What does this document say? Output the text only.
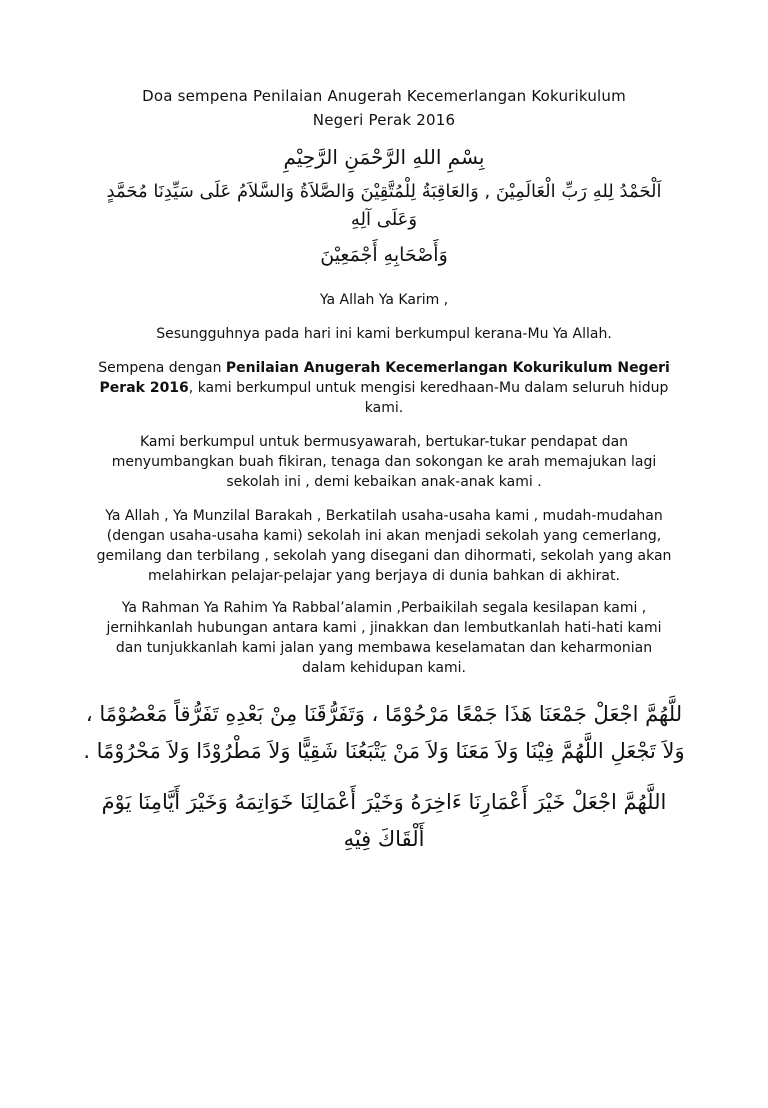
Doa sempena Penilaian Anugerah Kecemerlangan Kokurikulum
Negeri Perak 2016
بِسْمِ اللهِ الرَّحْمَنِ الرَّحِيْمِ
اَلْحَمْدُ لِلهِ رَبِّ الْعَالَمِيْنَ , وَالعَاقِبَةُ لِلْمُتَّقِيْنَ وَالصَّلاَةُ وَالسَّلاَمُ عَلَى سَيِّدِنَا مُحَمَّدٍ وَعَلَى آلِهِ
وَأَصْحَابِهِ أَجْمَعِيْنَ

Ya Allah Ya Karim ,

Sesungguhnya pada hari ini kami berkumpul kerana-Mu Ya Allah.

Sempena dengan Penilaian Anugerah Kecemerlangan Kokurikulum Negeri Perak 2016, kami berkumpul untuk mengisi keredhaan-Mu dalam seluruh hidup kami.

Kami berkumpul untuk bermusyawarah, bertukar-tukar pendapat dan menyumbangkan buah fikiran, tenaga dan sokongan ke arah memajukan lagi sekolah ini , demi kebaikan anak-anak kami .

Ya Allah , Ya Munzilal Barakah , Berkatilah usaha-usaha kami , mudah-mudahan (dengan usaha-usaha kami) sekolah ini akan menjadi sekolah yang cemerlang, gemilang dan terbilang , sekolah yang disegani dan dihormati, sekolah yang akan melahirkan pelajar-pelajar yang berjaya di dunia bahkan di akhirat.

Ya Rahman Ya Rahim Ya Rabbal’alamin ,Perbaikilah segala kesilapan kami , jernihkanlah hubungan antara kami , jinakkan dan lembutkanlah hati-hati kami dan tunjukkanlah kami jalan yang membawa keselamatan dan keharmonian dalam kehidupan kami.

للَّهُمَّ اجْعَلْ جَمْعَنَا هَذَا جَمْعًا مَرْحُوْمًا ، وَتَفَرُّقَنَا مِنْ بَعْدِهِ تَفَرُّقاً مَعْصُوْمًا ، وَلاَ تَجْعَلِ اللَّهُمَّ فِيْنَا وَلاَ مَعَنَا وَلاَ مَنْ يَتْبَعُنَا شَقِيًّا وَلاَ مَطْرُوْدًا وَلاَ مَحْرُوْمًا .
اللَّهُمَّ اجْعَلْ خَيْرَ أَعْمَارِنَا ءَاخِرَهُ وَخَيْرَ أَعْمَالِنَا خَوَاتِمَهُ وَخَيْرَ أَيَّامِنَا يَوْمَ أَلْقَاكَ فِيْهِ
